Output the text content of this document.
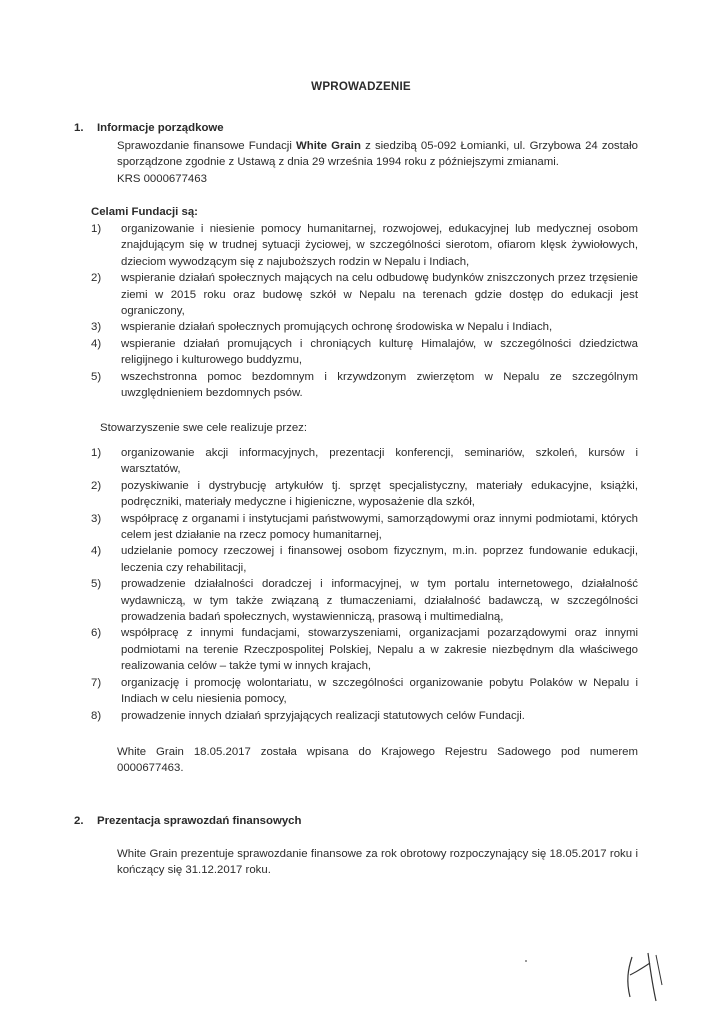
WPROWADZENIE
1. Informacje porządkowe
Sprawozdanie finansowe Fundacji White Grain z siedzibą 05-092 Łomianki, ul. Grzybowa 24 zostało sporządzone zgodnie z Ustawą z dnia 29 września 1994 roku z późniejszymi zmianami.
KRS 0000677463
Celami Fundacji są:
1)	organizowanie i niesienie pomocy humanitarnej, rozwojowej, edukacyjnej lub medycznej osobom znajdującym się w trudnej sytuacji życiowej, w szczególności sierotom, ofiarom klęsk żywiołowych, dzieciom wywodzącym się z najuboższych rodzin w Nepalu i Indiach,
2)	wspieranie działań społecznych mających na celu odbudowę budynków zniszczonych przez trzęsienie ziemi w 2015 roku oraz budowę szkół w Nepalu na terenach gdzie dostęp do edukacji jest ograniczony,
3)	wspieranie działań społecznych promujących ochronę środowiska w Nepalu i Indiach,
4)	wspieranie działań promujących i chroniących kulturę Himalajów, w szczególności dziedzictwa religijnego i kulturowego buddyzmu,
5)	wszechstronna pomoc bezdomnym i krzywdzonym zwierzętom w Nepalu ze szczególnym uwzględnieniem bezdomnych psów.
Stowarzyszenie swe cele realizuje przez:
1)	organizowanie akcji informacyjnych, prezentacji konferencji, seminariów, szkoleń, kursów i warsztatów,
2)	pozyskiwanie i dystrybucję artykułów tj. sprzęt specjalistyczny, materiały edukacyjne, książki, podręczniki, materiały medyczne i higieniczne, wyposażenie dla szkół,
3)	współpracę z organami i instytucjami państwowymi, samorządowymi oraz innymi podmiotami, których celem jest działanie na rzecz pomocy humanitarnej,
4)	udzielanie pomocy rzeczowej i finansowej osobom fizycznym, m.in. poprzez fundowanie edukacji, leczenia czy rehabilitacji,
5)	prowadzenie działalności doradczej i informacyjnej, w tym portalu internetowego, działalność wydawniczą, w tym także związaną z tłumaczeniami, działalność badawczą, w szczególności prowadzenia badań społecznych, wystawienniczą, prasową i multimedialną,
6)	współpracę z innymi fundacjami, stowarzyszeniami, organizacjami pozarządowymi oraz innymi podmiotami na terenie Rzeczpospolitej Polskiej, Nepalu a w zakresie niezbędnym dla właściwego realizowania celów – także tymi w innych krajach,
7)	organizację i promocję wolontariatu, w szczególności organizowanie pobytu Polaków w Nepalu i Indiach w celu niesienia pomocy,
8)	prowadzenie innych działań sprzyjających realizacji statutowych celów Fundacji.
White Grain 18.05.2017 została wpisana do Krajowego Rejestru Sadowego pod numerem 0000677463.
2. Prezentacja sprawozdań finansowych
White Grain prezentuje sprawozdanie finansowe za rok obrotowy rozpoczynający się 18.05.2017 roku i kończący się 31.12.2017 roku.
